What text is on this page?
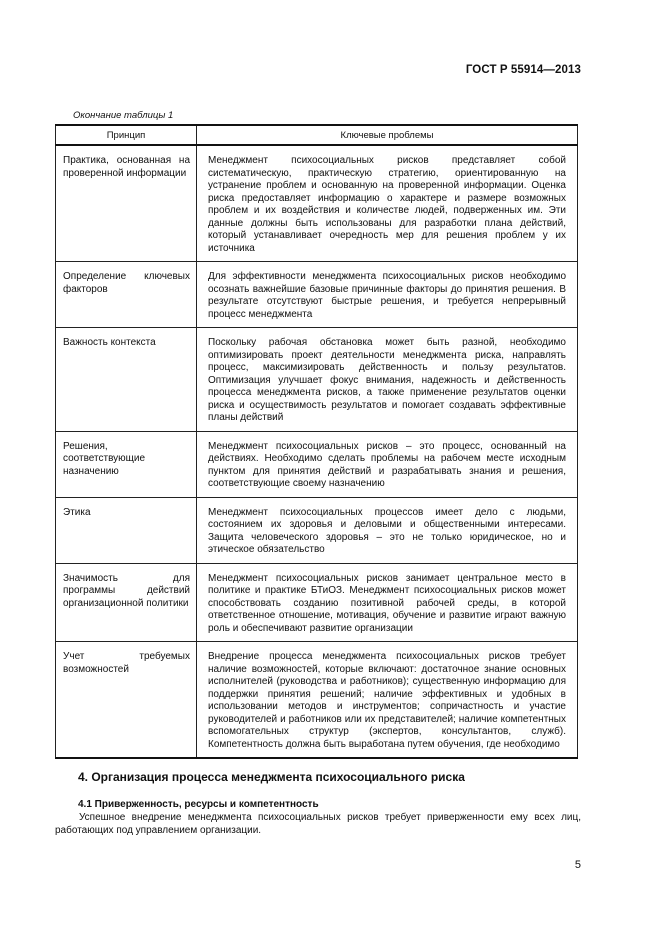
ГОСТ Р 55914—2013
Окончание таблицы 1
Принцип	Ключевые проблемы
Практика, основанная на проверенной информации	Менеджмент психосоциальных рисков представляет собой систематическую, практическую стратегию, ориентированную на устранение проблем и основанную на проверенной информации. Оценка риска предоставляет информацию о характере и размере возможных проблем и их воздействия и количестве людей, подверженных им. Эти данные должны быть использованы для разработки плана действий, который устанавливает очередность мер для решения проблем у их источника
Определение ключевых факторов	Для эффективности менеджмента психосоциальных рисков необходимо осознать важнейшие базовые причинные факторы до принятия решения. В результате отсутствуют быстрые решения, и требуется непрерывный процесс менеджмента
Важность контекста	Поскольку рабочая обстановка может быть разной, необходимо оптимизировать проект деятельности менеджмента риска, направлять процесс, максимизировать действенность и пользу результатов. Оптимизация улучшает фокус внимания, надежность и действенность процесса менеджмента рисков, а также применение результатов оценки риска и осуществимость результатов и помогает создавать эффективные планы действий
Решения, соответствующие назначению	Менеджмент психосоциальных рисков – это процесс, основанный на действиях. Необходимо сделать проблемы на рабочем месте исходным пунктом для принятия действий и разрабатывать знания и решения, соответствующие своему назначению
Этика	Менеджмент психосоциальных процессов имеет дело с людьми, состоянием их здоровья и деловыми и общественными интересами. Защита человеческого здоровья – это не только юридическое, но и этическое обязательство
Значимость для программы действий организационной политики	Менеджмент психосоциальных рисков занимает центральное место в политике и практике БТиОЗ. Менеджмент психосоциальных рисков может способствовать созданию позитивной рабочей среды, в которой ответственное отношение, мотивация, обучение и развитие играют важную роль и обеспечивают развитие организации
Учет требуемых возможностей	Внедрение процесса менеджмента психосоциальных рисков требует наличие возможностей, которые включают: достаточное знание основных исполнителей (руководства и работников); существенную информацию для поддержки принятия решений; наличие эффективных и удобных в использовании методов и инструментов; сопричастность и участие руководителей и работников или их представителей; наличие компетентных вспомогательных структур (экспертов, консультантов, служб). Компетентность должна быть выработана путем обучения, где необходимо
4. Организация процесса менеджмента психосоциального риска
4.1 Приверженность, ресурсы и компетентность
Успешное внедрение менеджмента психосоциальных рисков требует приверженности ему всех лиц, работающих под управлением организации.
5
